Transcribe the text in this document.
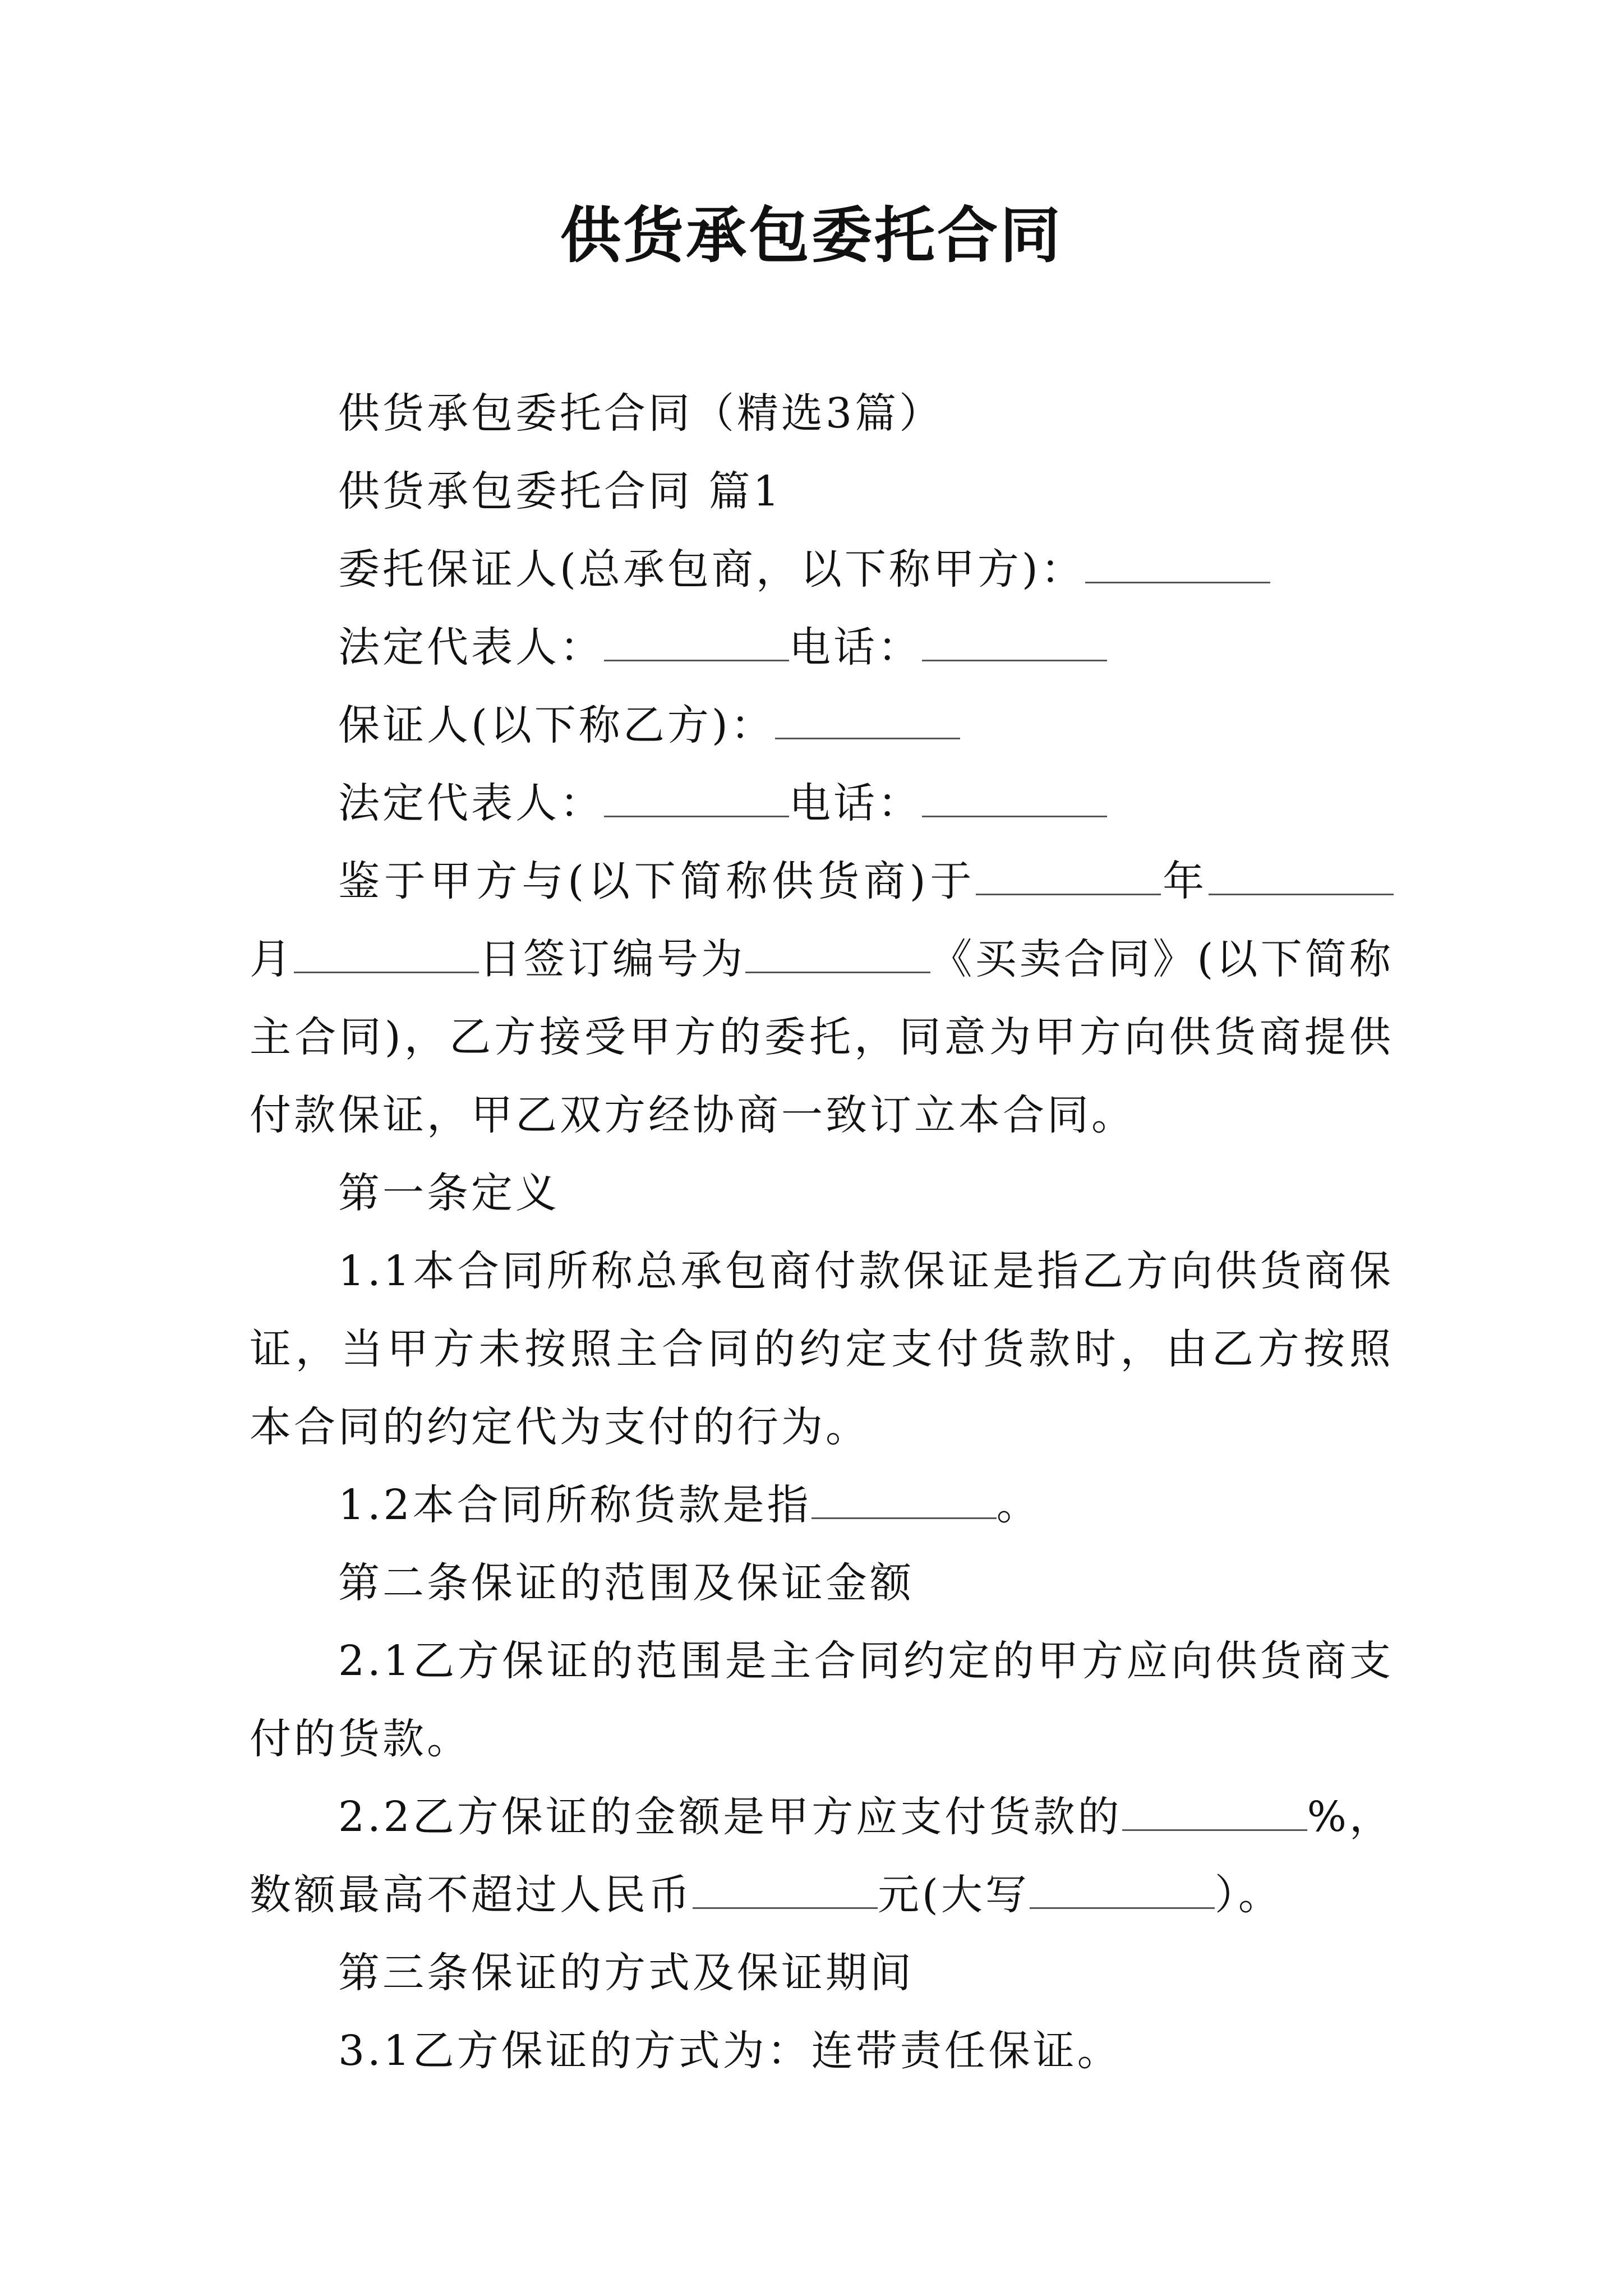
供货承包委托合同

供货承包委托合同（精选3篇）

供货承包委托合同 篇1

委托保证人(总承包商，以下称甲方)：

法定代表人：	电话：

保证人(以下称乙方)：

法定代表人：	电话：

鉴于甲方与(以下简称供货商)于	年月	日签订编号为	《买卖合同》(以下简称主合同)，乙方接受甲方的委托，同意为甲方向供货商提供付款保证，甲乙双方经协商一致订立本合同。

第一条定义

1.1本合同所称总承包商付款保证是指乙方向供货商保证，当甲方未按照主合同的约定支付货款时，由乙方按照本合同的约定代为支付的行为。

1.2本合同所称货款是指	。

第二条保证的范围及保证金额

2.1乙方保证的范围是主合同约定的甲方应向供货商支付的货款。

2.2乙方保证的金额是甲方应支付货款的	%，数额最高不超过人民币	元(大写	）。

第三条保证的方式及保证期间

3.1乙方保证的方式为：连带责任保证。
